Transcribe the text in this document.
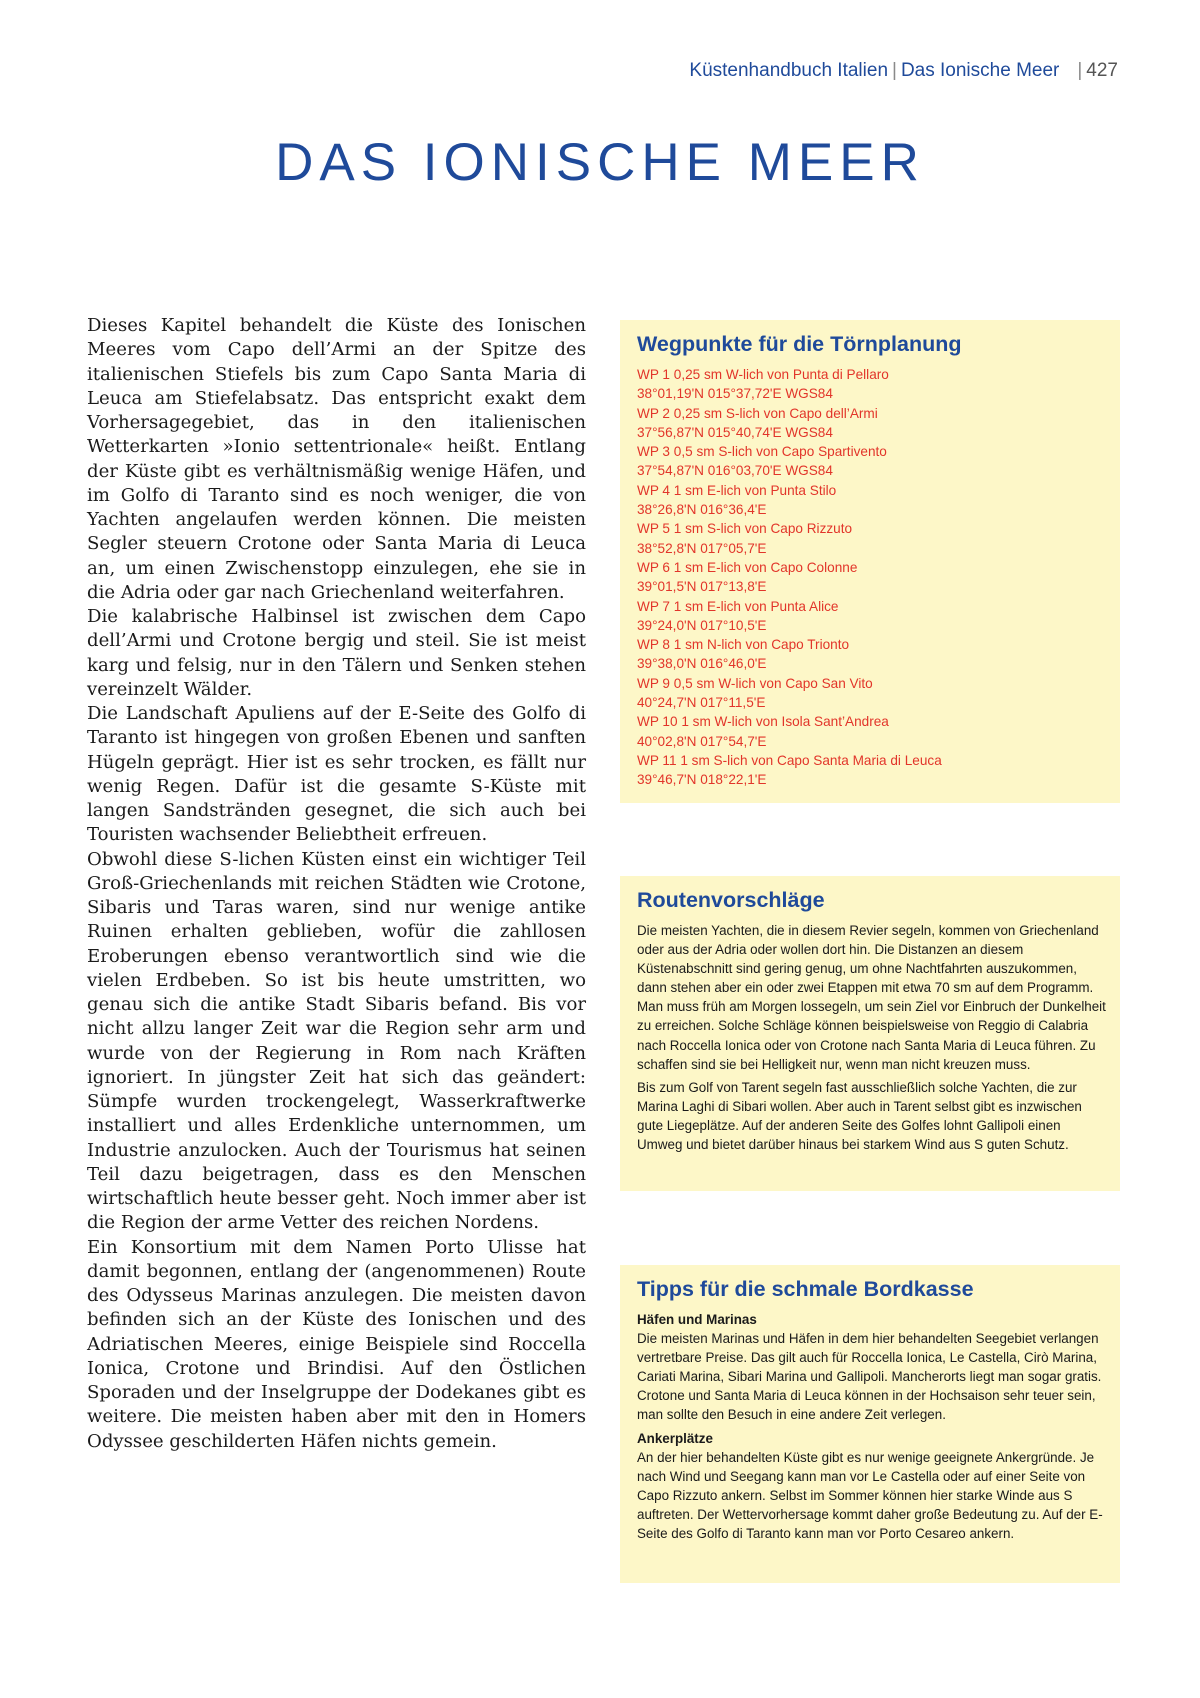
Küstenhandbuch Italien | Das Ionische Meer | 427
DAS IONISCHE MEER

Dieses Kapitel behandelt die Küste des Ionischen Meeres vom Capo dell’Armi an der Spitze des italienischen Stiefels bis zum Capo Santa Maria di Leuca am Stiefelabsatz. Das entspricht exakt dem Vorhersagegebiet, das in den italienischen Wetterkarten »Ionio settentrionale« heißt. Entlang der Küste gibt es verhältnismäßig wenige Häfen, und im Golfo di Taranto sind es noch weniger, die von Yachten angelaufen werden können. Die meisten Segler steuern Crotone oder Santa Maria di Leuca an, um einen Zwischenstopp einzulegen, ehe sie in die Adria oder gar nach Griechenland weiterfahren.

Die kalabrische Halbinsel ist zwischen dem Capo dell’Armi und Crotone bergig und steil. Sie ist meist karg und felsig, nur in den Tälern und Senken stehen vereinzelt Wälder.

Die Landschaft Apuliens auf der E-Seite des Golfo di Taranto ist hingegen von großen Ebenen und sanften Hügeln geprägt. Hier ist es sehr trocken, es fällt nur wenig Regen. Dafür ist die gesamte S-Küste mit langen Sandstränden gesegnet, die sich auch bei Touristen wachsender Beliebtheit erfreuen.

Obwohl diese S-lichen Küsten einst ein wichtiger Teil Groß-Griechenlands mit reichen Städten wie Crotone, Sibaris und Taras waren, sind nur wenige antike Ruinen erhalten geblieben, wofür die zahllosen Eroberungen ebenso verantwortlich sind wie die vielen Erdbeben. So ist bis heute umstritten, wo genau sich die antike Stadt Sibaris befand. Bis vor nicht allzu langer Zeit war die Region sehr arm und wurde von der Regierung in Rom nach Kräften ignoriert. In jüngster Zeit hat sich das geändert: Sümpfe wurden trockengelegt, Wasserkraftwerke installiert und alles Erdenkliche unternommen, um Industrie anzulocken. Auch der Tourismus hat seinen Teil dazu beigetragen, dass es den Menschen wirtschaftlich heute besser geht. Noch immer aber ist die Region der arme Vetter des reichen Nordens.

Ein Konsortium mit dem Namen Porto Ulisse hat damit begonnen, entlang der (angenommenen) Route des Odysseus Marinas anzulegen. Die meisten davon befinden sich an der Küste des Ionischen und des Adriatischen Meeres, einige Beispiele sind Roccella Ionica, Crotone und Brindisi. Auf den Östlichen Sporaden und der Inselgruppe der Dodekanes gibt es weitere. Die meisten haben aber mit den in Homers Odyssee geschilderten Häfen nichts gemein.

Wegpunkte für die Törnplanung
WP 1 0,25 sm W-lich von Punta di Pellaro
38°01,19'N 015°37,72'E WGS84
WP 2 0,25 sm S-lich von Capo dell’Armi
37°56,87'N 015°40,74'E WGS84
WP 3 0,5 sm S-lich von Capo Spartivento
37°54,87'N 016°03,70'E WGS84
WP 4 1 sm E-lich von Punta Stilo
38°26,8'N 016°36,4'E
WP 5 1 sm S-lich von Capo Rizzuto
38°52,8'N 017°05,7'E
WP 6 1 sm E-lich von Capo Colonne
39°01,5'N 017°13,8'E
WP 7 1 sm E-lich von Punta Alice
39°24,0'N 017°10,5'E
WP 8 1 sm N-lich von Capo Trionto
39°38,0'N 016°46,0'E
WP 9 0,5 sm W-lich von Capo San Vito
40°24,7'N 017°11,5'E
WP 10 1 sm W-lich von Isola Sant’Andrea
40°02,8'N 017°54,7'E
WP 11 1 sm S-lich von Capo Santa Maria di Leuca
39°46,7'N 018°22,1'E
Routenvorschläge

Die meisten Yachten, die in diesem Revier segeln, kommen von Griechenland oder aus der Adria oder wollen dort hin. Die Distanzen an diesem Küstenabschnitt sind gering genug, um ohne Nachtfahrten auszukommen, dann stehen aber ein oder zwei Etappen mit etwa 70 sm auf dem Programm. Man muss früh am Morgen lossegeln, um sein Ziel vor Einbruch der Dunkelheit zu erreichen. Solche Schläge können beispielsweise von Reggio di Calabria nach Roccella Ionica oder von Crotone nach Santa Maria di Leuca führen. Zu schaffen sind sie bei Helligkeit nur, wenn man nicht kreuzen muss.

Bis zum Golf von Tarent segeln fast ausschließlich solche Yachten, die zur Marina Laghi di Sibari wollen. Aber auch in Tarent selbst gibt es inzwischen gute Liegeplätze. Auf der anderen Seite des Golfes lohnt Gallipoli einen Umweg und bietet darüber hinaus bei starkem Wind aus S guten Schutz.

Tipps für die schmale Bordkasse

Häfen und Marinas

Die meisten Marinas und Häfen in dem hier behandelten Seegebiet verlangen vertretbare Preise. Das gilt auch für Roccella Ionica, Le Castella, Cirò Marina, Cariati Marina, Sibari Marina und Gallipoli. Mancherorts liegt man sogar gratis. Crotone und Santa Maria di Leuca können in der Hochsaison sehr teuer sein, man sollte den Besuch in eine andere Zeit verlegen.

Ankerplätze

An der hier behandelten Küste gibt es nur wenige geeignete Ankergründe. Je nach Wind und Seegang kann man vor Le Castella oder auf einer Seite von Capo Rizzuto ankern. Selbst im Sommer können hier starke Winde aus S auftreten. Der Wettervorhersage kommt daher große Bedeutung zu. Auf der E-Seite des Golfo di Taranto kann man vor Porto Cesareo ankern.
